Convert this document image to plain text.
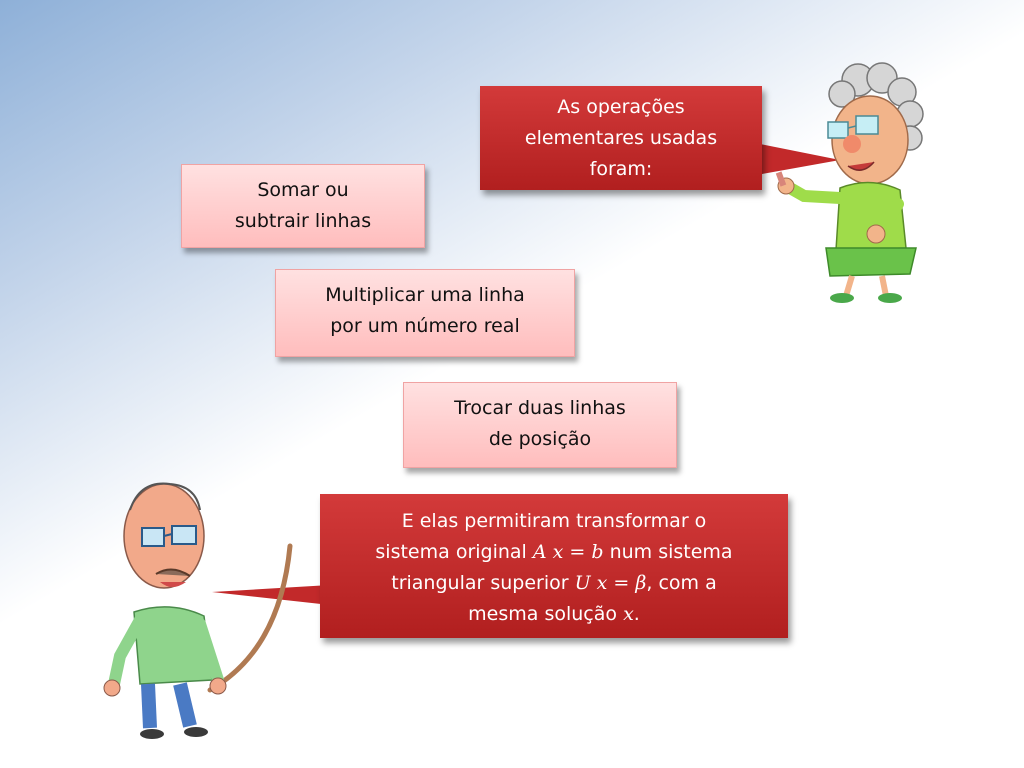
As operações
elementares usadas
foram:
Somar ou
subtrair linhas
Multiplicar uma linha
por um número real
Trocar duas linhas
de posição
E elas permitiram transformar o
sistema original A x = b num sistema
triangular superior U x = β, com a
mesma solução x.
